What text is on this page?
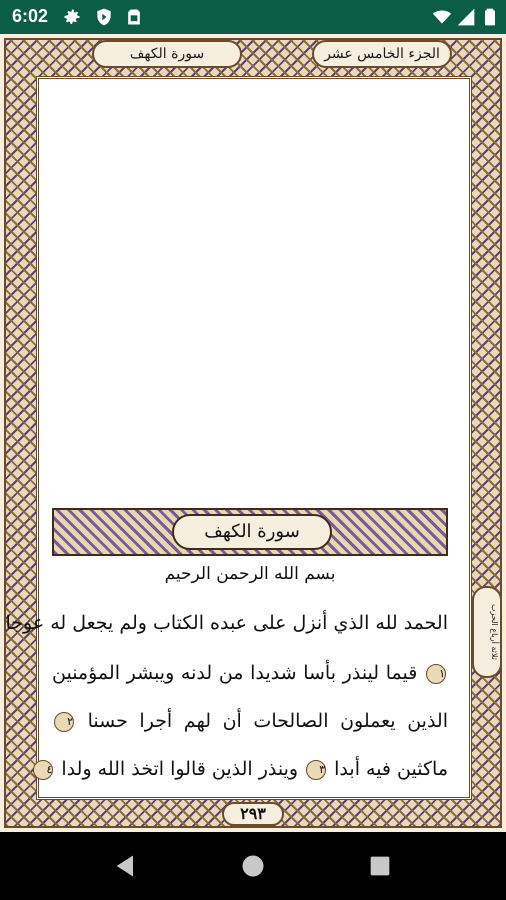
6:02
سورة الكهف	الجزء الخامس عشر
سورة الكهف
بسم الله الرحمن الرحيم
الحمد لله الذي أنزل على عبده الكتاب ولم يجعل له عوجا
١ قيما لينذر بأسا شديدا من لدنه ويبشر المؤمنين
الذين يعملون الصالحات أن لهم أجرا حسنا ٢
ماكثين فيه أبدا ٣ وينذر الذين قالوا اتخذ الله ولدا ٤
ثلاثة أرباع الحزب
٢٩٣
